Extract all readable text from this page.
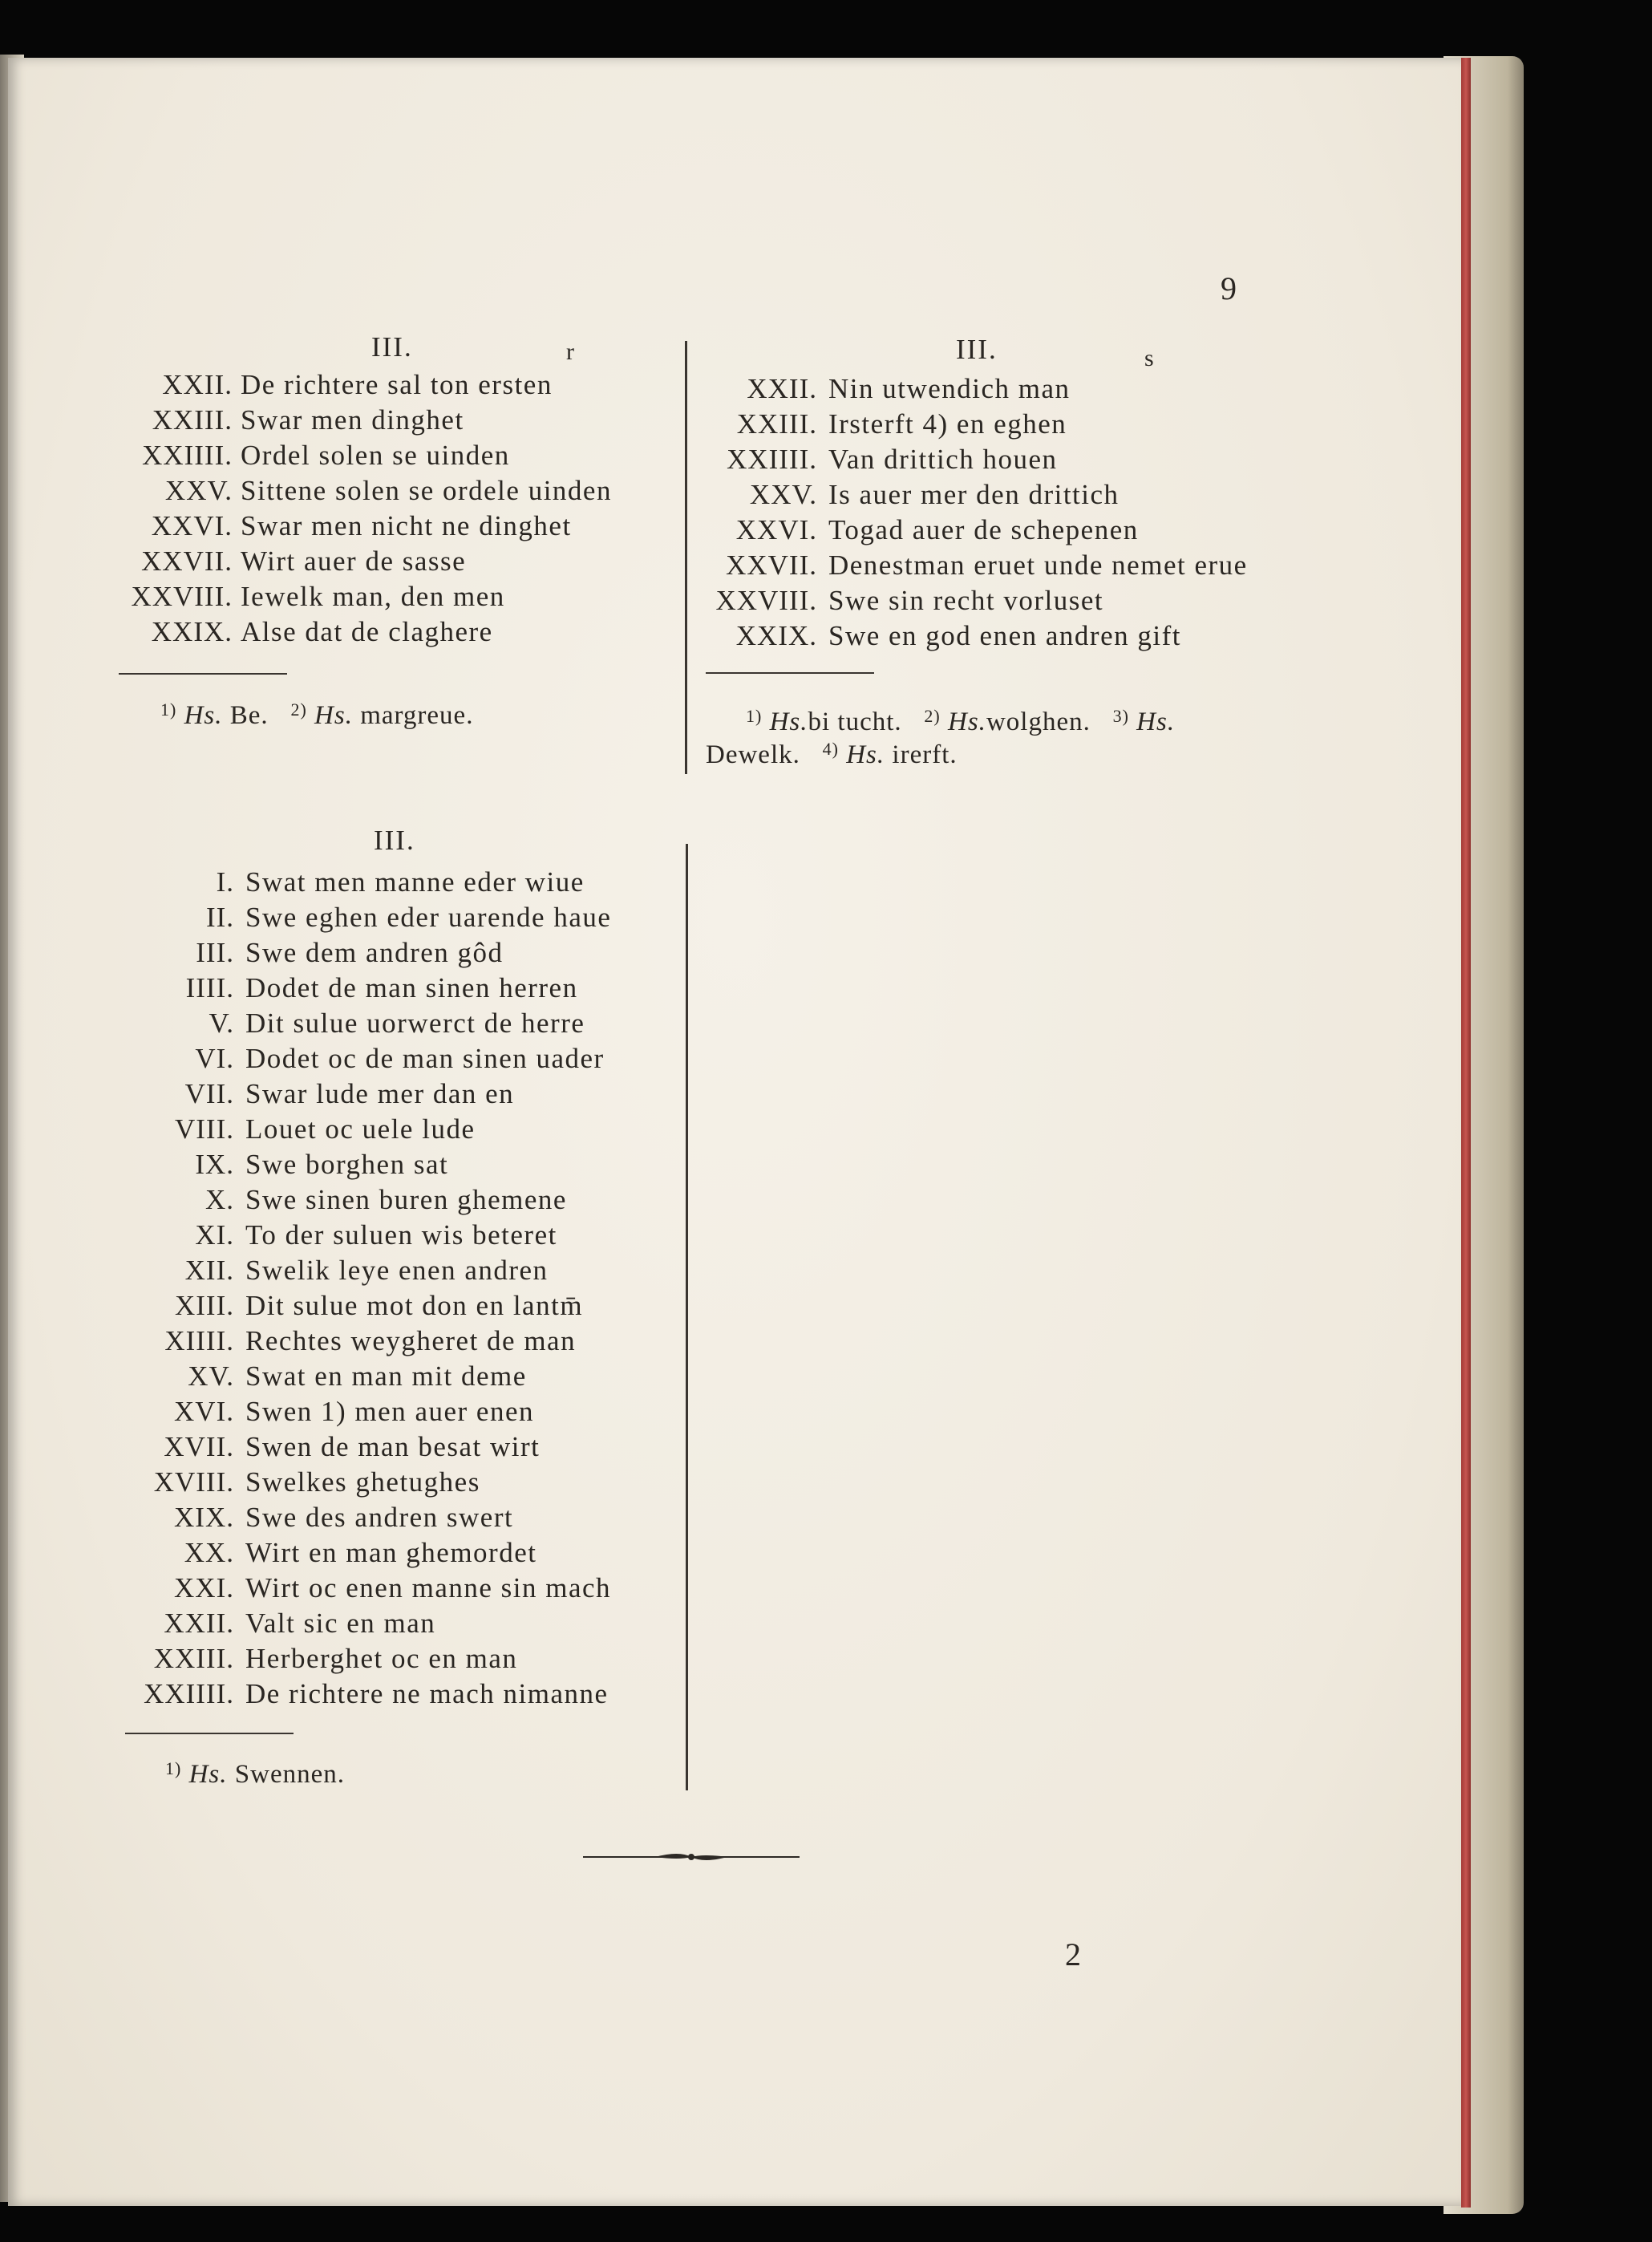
9
III.	r
XXII. De richtere sal ton ersten
XXIII. Swar men dinghet
XXIIII. Ordel solen se uinden
XXV. Sittene solen se ordele uinden
XXVI. Swar men nicht ne dinghet
XXVII. Wirt auer de sasse
XXVIII. Iewelk man, den men
XXIX. Alse dat de claghere
$^{1)}$ Hs. Be. $^{2)}$ Hs. margreue.
III.	s
XXII. Nin utwendich man
XXIII. Irsterft 4) en eghen
XXIIII. Van drittich houen
XXV. Is auer mer den drittich
XXVI. Togad auer de schepenen
XXVII. Denestman eruet unde nemet erue
XXVIII. Swe sin recht vorluset
XXIX. Swe en god enen andren gift
$^{1)}$ Hs.bi tucht. $^{2)}$ Hs.wolghen. $^{3)}$ Hs.
Dewelk. $^{4)}$ Hs. irerft.
III.
I. Swat men manne eder wiue
II. Swe eghen eder uarende haue
III. Swe dem andren gôd
IIII. Dodet de man sinen herren
V. Dit sulue uorwerct de herre
VI. Dodet oc de man sinen uader
VII. Swar lude mer dan en
VIII. Louet oc uele lude
IX. Swe borghen sat
X. Swe sinen buren ghemene
XI. To der suluen wis beteret
XII. Swelik leye enen andren
XIII. Dit sulue mot don en lantm̄
XIIII. Rechtes weygheret de man
XV. Swat en man mit deme
XVI. Swen 1) men auer enen
XVII. Swen de man besat wirt
XVIII. Swelkes ghetughes
XIX. Swe des andren swert
XX. Wirt en man ghemordet
XXI. Wirt oc enen manne sin mach
XXII. Valt sic en man
XXIII. Herberghet oc en man
XXIIII. De richtere ne mach nimanne
$^{1)}$ Hs. Swennen.
2
